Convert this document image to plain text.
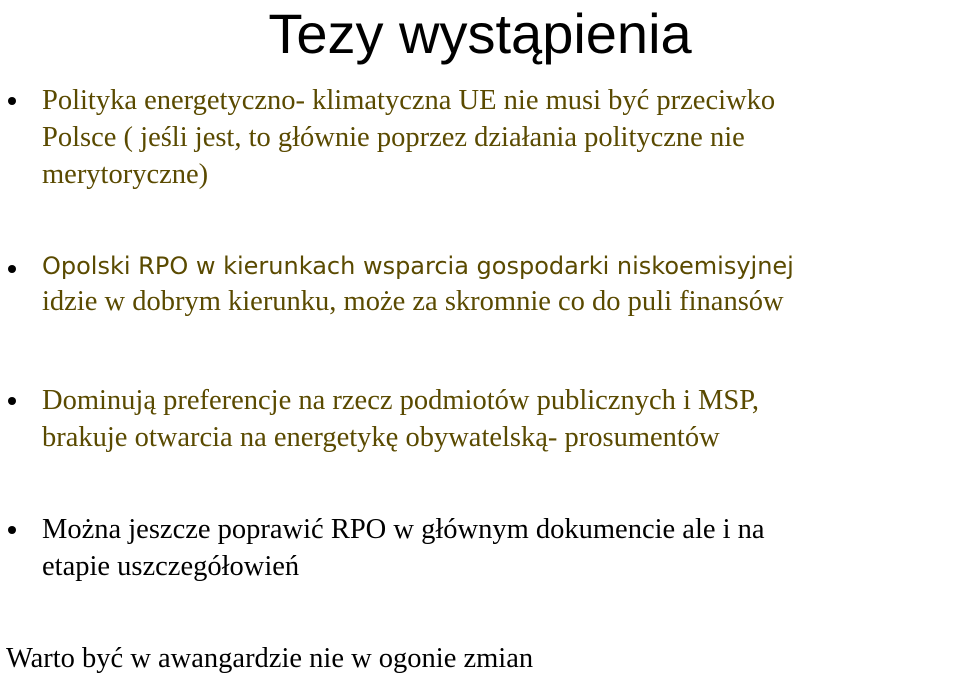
Tezy wystąpienia
Polityka energetyczno- klimatyczna UE nie musi być przeciwko
Polsce ( jeśli jest, to głównie poprzez działania polityczne nie
merytoryczne)
Opolski RPO w kierunkach wsparcia gospodarki niskoemisyjnej
idzie w dobrym kierunku, może za skromnie co do puli finansów
Dominują preferencje na rzecz podmiotów publicznych i MSP,
brakuje otwarcia na energetykę obywatelską- prosumentów
Można jeszcze poprawić RPO w głównym dokumencie ale i na
etapie uszczegółowień
Warto być w awangardzie nie w ogonie zmian
